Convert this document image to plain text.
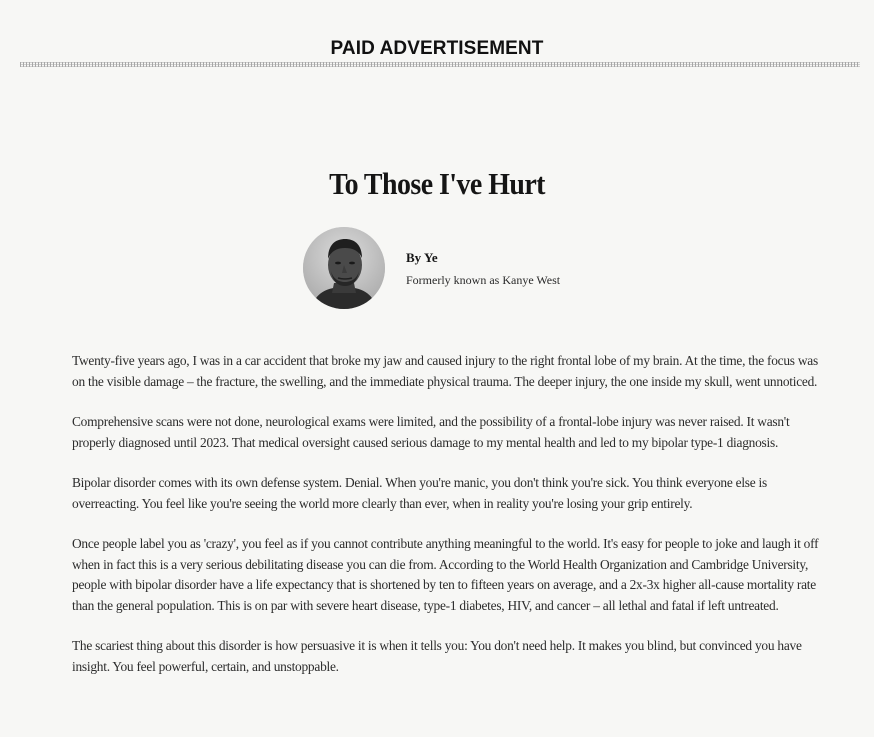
PAID ADVERTISEMENT
To Those I've Hurt
By Ye
Formerly known as Kanye West

Twenty-five years ago, I was in a car accident that broke my jaw and caused injury to the right frontal lobe of my brain. At the time, the focus was on the visible damage – the fracture, the swelling, and the immediate physical trauma. The deeper injury, the one inside my skull, went unnoticed.

Comprehensive scans were not done, neurological exams were limited, and the possibility of a frontal-lobe injury was never raised. It wasn't properly diagnosed until 2023. That medical oversight caused serious damage to my mental health and led to my bipolar type-1 diagnosis.

Bipolar disorder comes with its own defense system. Denial. When you're manic, you don't think you're sick. You think everyone else is overreacting. You feel like you're seeing the world more clearly than ever, when in reality you're losing your grip entirely.

Once people label you as 'crazy', you feel as if you cannot contribute anything meaningful to the world. It's easy for people to joke and laugh it off when in fact this is a very serious debilitating disease you can die from. According to the World Health Organization and Cambridge University, people with bipolar disorder have a life expectancy that is shortened by ten to fifteen years on average, and a 2x-3x higher all-cause mortality rate than the general population. This is on par with severe heart disease, type-1 diabetes, HIV, and cancer – all lethal and fatal if left untreated.

The scariest thing about this disorder is how persuasive it is when it tells you: You don't need help. It makes you blind, but convinced you have insight. You feel powerful, certain, and unstoppable.
